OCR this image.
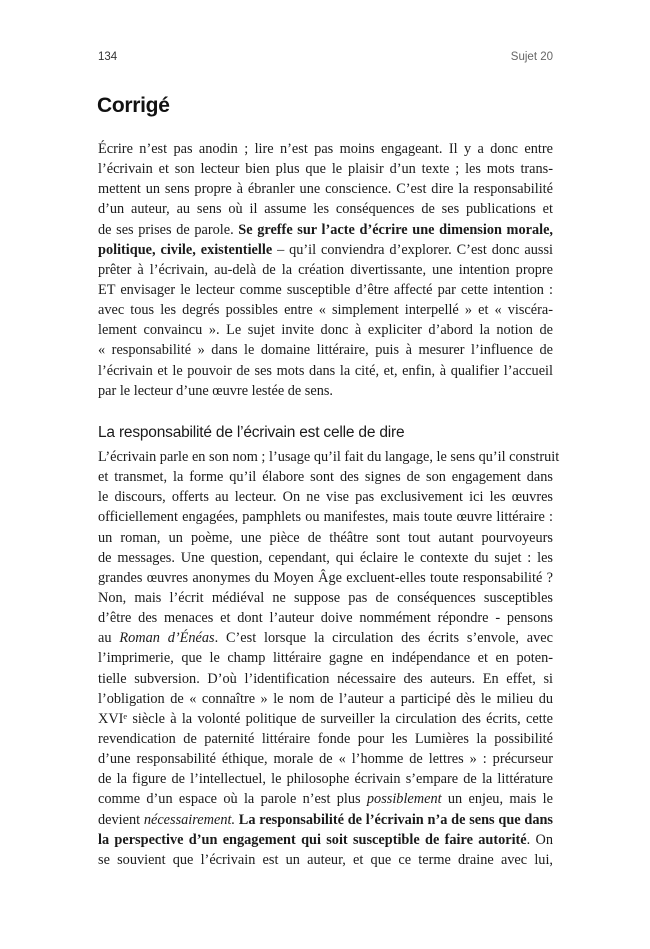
134	Sujet 20
Corrigé
Écrire n’est pas anodin ; lire n’est pas moins engageant. Il y a donc entre
l’écrivain et son lecteur bien plus que le plaisir d’un texte ; les mots trans-
mettent un sens propre à ébranler une conscience. C’est dire la responsabilité
d’un auteur, au sens où il assume les conséquences de ses publications et
de ses prises de parole. Se greffe sur l’acte d’écrire une dimension morale,
politique, civile, existentielle – qu’il conviendra d’explorer. C’est donc aussi
prêter à l’écrivain, au-delà de la création divertissante, une intention propre
ET envisager le lecteur comme susceptible d’être affecté par cette intention :
avec tous les degrés possibles entre « simplement interpellé » et « viscéra-
lement convaincu ». Le sujet invite donc à expliciter d’abord la notion de
« responsabilité » dans le domaine littéraire, puis à mesurer l’influence de
l’écrivain et le pouvoir de ses mots dans la cité, et, enfin, à qualifier l’accueil
par le lecteur d’une œuvre lestée de sens.
La responsabilité de l’écrivain est celle de dire
L’écrivain parle en son nom ; l’usage qu’il fait du langage, le sens qu’il construit
et transmet, la forme qu’il élabore sont des signes de son engagement dans
le discours, offerts au lecteur. On ne vise pas exclusivement ici les œuvres
officiellement engagées, pamphlets ou manifestes, mais toute œuvre littéraire :
un roman, un poème, une pièce de théâtre sont tout autant pourvoyeurs
de messages. Une question, cependant, qui éclaire le contexte du sujet : les
grandes œuvres anonymes du Moyen Âge excluent-elles toute responsabilité ?
Non, mais l’écrit médiéval ne suppose pas de conséquences susceptibles
d’être des menaces et dont l’auteur doive nommément répondre - pensons
au Roman d’Énéas. C’est lorsque la circulation des écrits s’envole, avec
l’imprimerie, que le champ littéraire gagne en indépendance et en poten-
tielle subversion. D’où l’identification nécessaire des auteurs. En effet, si
l’obligation de « connaître » le nom de l’auteur a participé dès le milieu du
XVIᵉ siècle à la volonté politique de surveiller la circulation des écrits, cette
revendication de paternité littéraire fonde pour les Lumières la possibilité
d’une responsabilité éthique, morale de « l’homme de lettres » : précurseur
de la figure de l’intellectuel, le philosophe écrivain s’empare de la littérature
comme d’un espace où la parole n’est plus possiblement un enjeu, mais le
devient nécessairement. La responsabilité de l’écrivain n’a de sens que dans
la perspective d’un engagement qui soit susceptible de faire autorité. On
se souvient que l’écrivain est un auteur, et que ce terme draine avec lui,
